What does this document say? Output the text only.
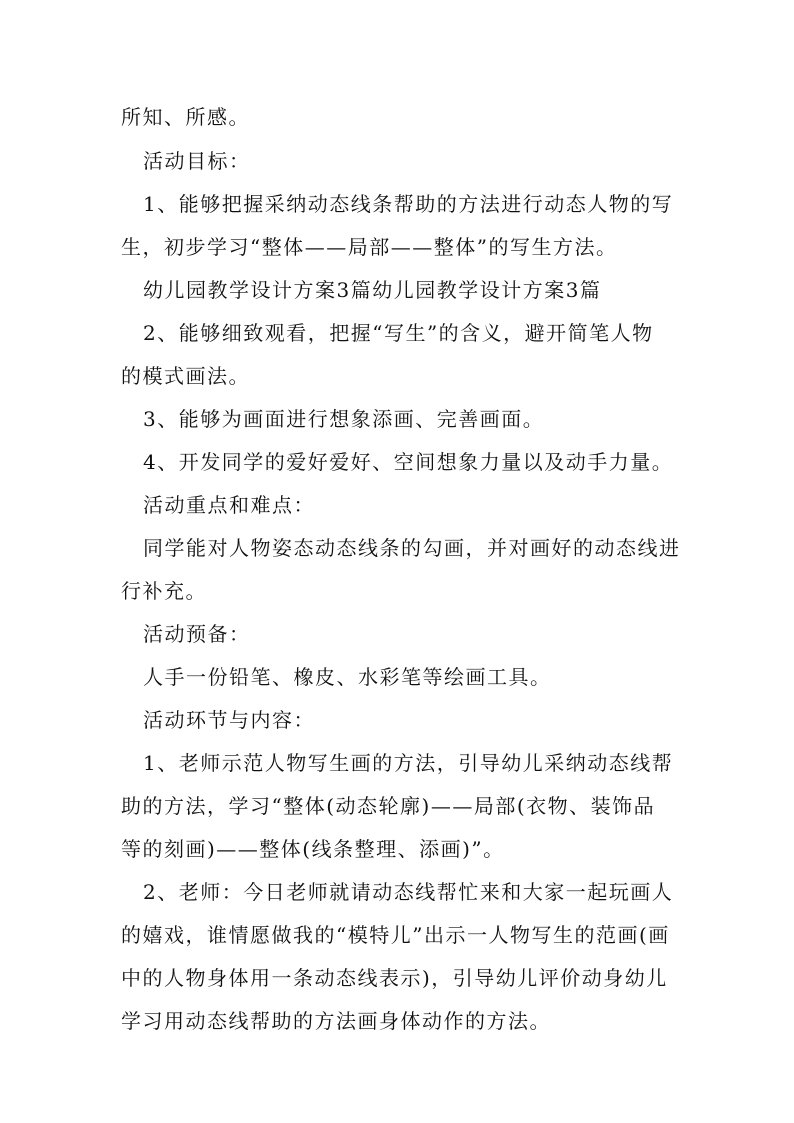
所知、所感。
活动目标：
1、能够把握采纳动态线条帮助的方法进行动态人物的写
生，初步学习“整体——局部——整体”的写生方法。
幼儿园教学设计方案3篇幼儿园教学设计方案3篇
2、能够细致观看，把握“写生”的含义，避开简笔人物
的模式画法。
3、能够为画面进行想象添画、完善画面。
4、开发同学的爱好爱好、空间想象力量以及动手力量。
活动重点和难点：
同学能对人物姿态动态线条的勾画，并对画好的动态线进
行补充。
活动预备：
人手一份铅笔、橡皮、水彩笔等绘画工具。
活动环节与内容：
1、老师示范人物写生画的方法，引导幼儿采纳动态线帮
助的方法，学习“整体(动态轮廓)——局部(衣物、装饰品
等的刻画)——整体(线条整理、添画)”。
2、老师：今日老师就请动态线帮忙来和大家一起玩画人
的嬉戏，谁情愿做我的“模特儿”出示一人物写生的范画(画
中的人物身体用一条动态线表示)，引导幼儿评价动身幼儿
学习用动态线帮助的方法画身体动作的方法。
